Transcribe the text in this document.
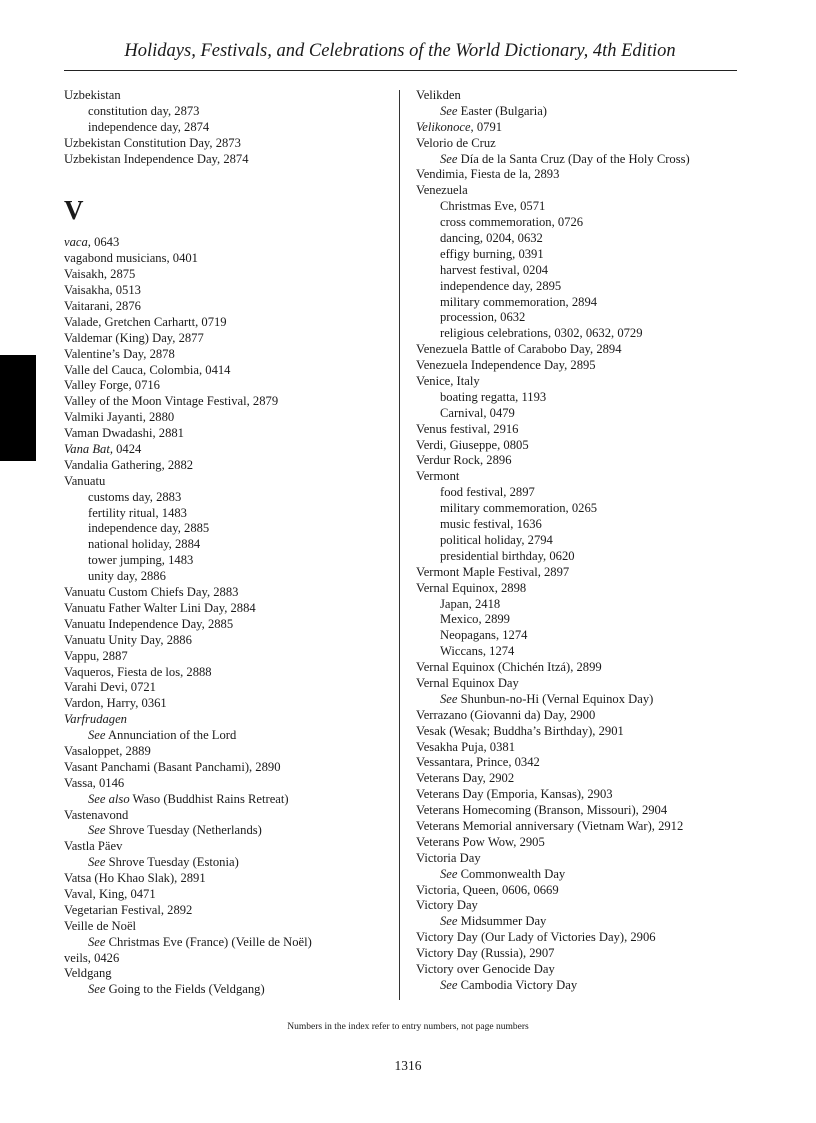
Holidays, Festivals, and Celebrations of the World Dictionary, 4th Edition
Uzbekistan
constitution day, 2873
independence day, 2874
Uzbekistan Constitution Day, 2873
Uzbekistan Independence Day, 2874
V
vaca, 0643
vagabond musicians, 0401
Vaisakh, 2875
Vaisakha, 0513
Vaitarani, 2876
Valade, Gretchen Carhartt, 0719
Valdemar (King) Day, 2877
Valentine’s Day, 2878
Valle del Cauca, Colombia, 0414
Valley Forge, 0716
Valley of the Moon Vintage Festival, 2879
Valmiki Jayanti, 2880
Vaman Dwadashi, 2881
Vana Bat, 0424
Vandalia Gathering, 2882
Vanuatu
customs day, 2883
fertility ritual, 1483
independence day, 2885
national holiday, 2884
tower jumping, 1483
unity day, 2886
Vanuatu Custom Chiefs Day, 2883
Vanuatu Father Walter Lini Day, 2884
Vanuatu Independence Day, 2885
Vanuatu Unity Day, 2886
Vappu, 2887
Vaqueros, Fiesta de los, 2888
Varahi Devi, 0721
Vardon, Harry, 0361
Varfrudagen
See Annunciation of the Lord
Vasaloppet, 2889
Vasant Panchami (Basant Panchami), 2890
Vassa, 0146
See also Waso (Buddhist Rains Retreat)
Vastenavond
See Shrove Tuesday (Netherlands)
Vastla Päev
See Shrove Tuesday (Estonia)
Vatsa (Ho Khao Slak), 2891
Vaval, King, 0471
Vegetarian Festival, 2892
Veille de Noël
See Christmas Eve (France) (Veille de Noël)
veils, 0426
Veldgang
See Going to the Fields (Veldgang)
Velikden
See Easter (Bulgaria)
Velikonoce, 0791
Velorio de Cruz
See Día de la Santa Cruz (Day of the Holy Cross)
Vendimia, Fiesta de la, 2893
Venezuela
Christmas Eve, 0571
cross commemoration, 0726
dancing, 0204, 0632
effigy burning, 0391
harvest festival, 0204
independence day, 2895
military commemoration, 2894
procession, 0632
religious celebrations, 0302, 0632, 0729
Venezuela Battle of Carabobo Day, 2894
Venezuela Independence Day, 2895
Venice, Italy
boating regatta, 1193
Carnival, 0479
Venus festival, 2916
Verdi, Giuseppe, 0805
Verdur Rock, 2896
Vermont
food festival, 2897
military commemoration, 0265
music festival, 1636
political holiday, 2794
presidential birthday, 0620
Vermont Maple Festival, 2897
Vernal Equinox, 2898
Japan, 2418
Mexico, 2899
Neopagans, 1274
Wiccans, 1274
Vernal Equinox (Chichén Itzá), 2899
Vernal Equinox Day
See Shunbun-no-Hi (Vernal Equinox Day)
Verrazano (Giovanni da) Day, 2900
Vesak (Wesak; Buddha’s Birthday), 2901
Vesakha Puja, 0381
Vessantara, Prince, 0342
Veterans Day, 2902
Veterans Day (Emporia, Kansas), 2903
Veterans Homecoming (Branson, Missouri), 2904
Veterans Memorial anniversary (Vietnam War), 2912
Veterans Pow Wow, 2905
Victoria Day
See Commonwealth Day
Victoria, Queen, 0606, 0669
Victory Day
See Midsummer Day
Victory Day (Our Lady of Victories Day), 2906
Victory Day (Russia), 2907
Victory over Genocide Day
See Cambodia Victory Day
Numbers in the index refer to entry numbers, not page numbers
1316
